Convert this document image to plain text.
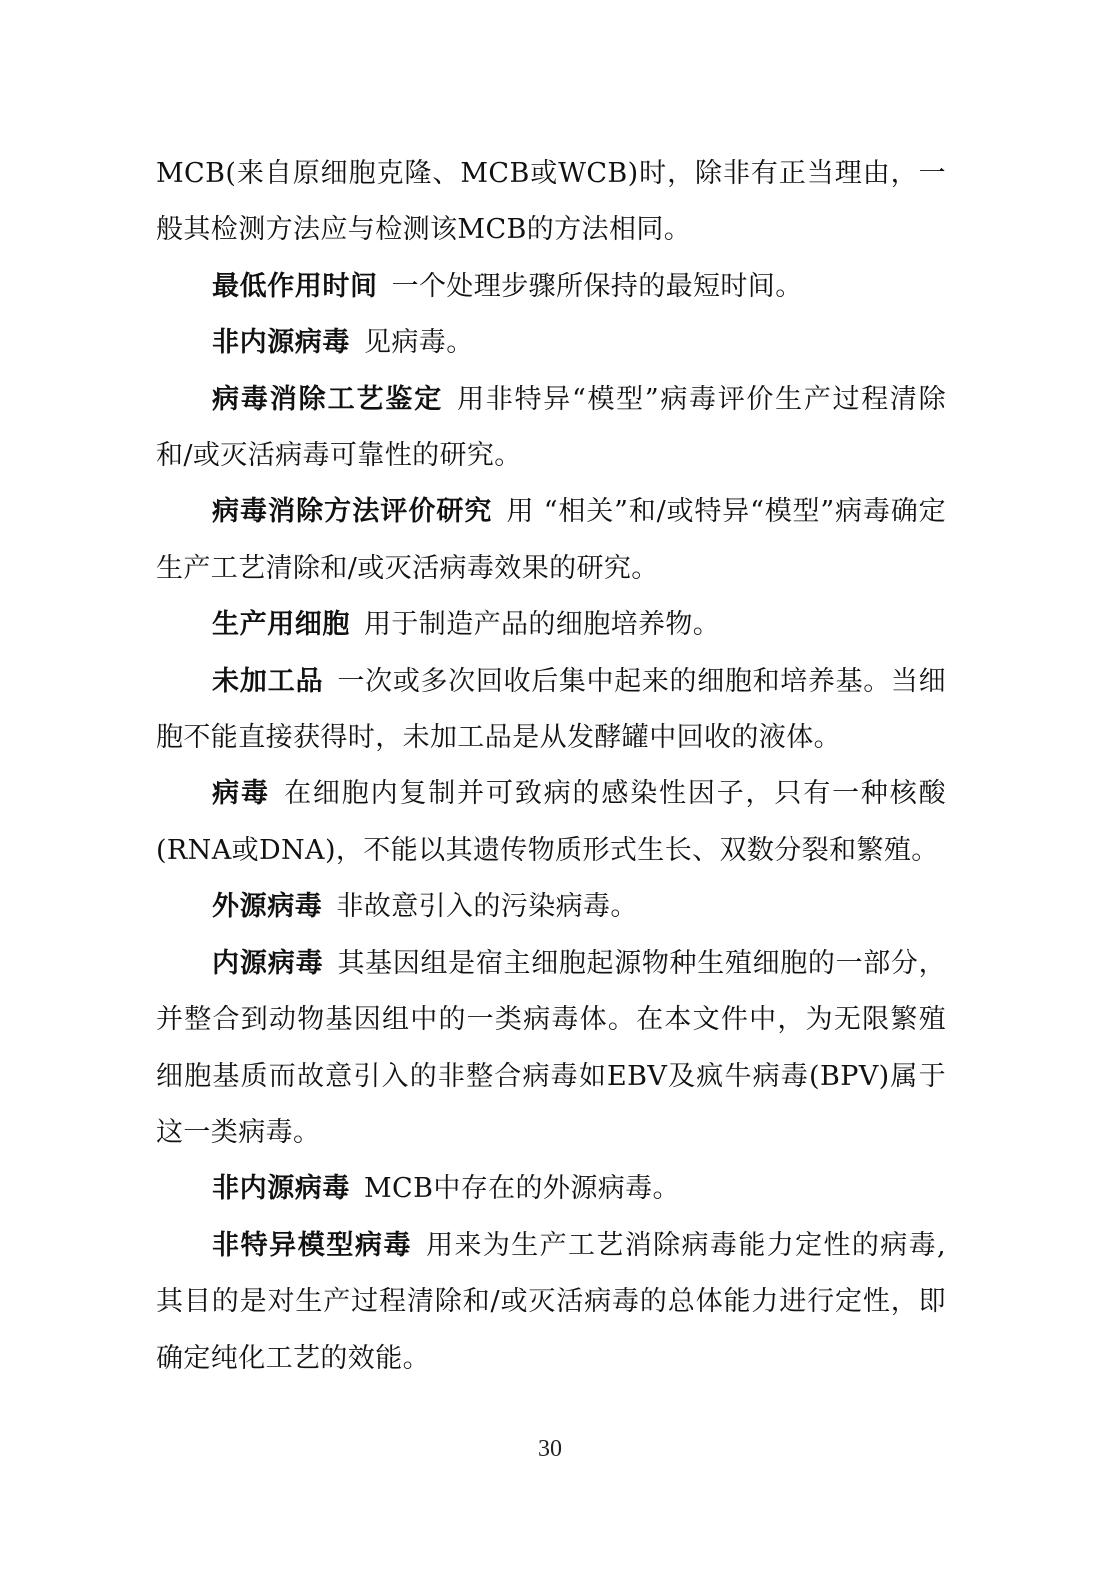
MCB(来自原细胞克隆、MCB或WCB)时，除非有正当理由，一般其检测方法应与检测该MCB的方法相同。

最低作用时间 一个处理步骤所保持的最短时间。

非内源病毒 见病毒。

病毒消除工艺鉴定 用非特异“模型”病毒评价生产过程清除和/或灭活病毒可靠性的研究。

病毒消除方法评价研究 用 “相关”和/或特异“模型”病毒确定生产工艺清除和/或灭活病毒效果的研究。

生产用细胞 用于制造产品的细胞培养物。

未加工品 一次或多次回收后集中起来的细胞和培养基。当细胞不能直接获得时，未加工品是从发酵罐中回收的液体。

病毒 在细胞内复制并可致病的感染性因子，只有一种核酸(RNA或DNA)，不能以其遗传物质形式生长、双数分裂和繁殖。

外源病毒 非故意引入的污染病毒。

内源病毒 其基因组是宿主细胞起源物种生殖细胞的一部分，并整合到动物基因组中的一类病毒体。在本文件中，为无限繁殖细胞基质而故意引入的非整合病毒如EBV及疯牛病毒(BPV)属于这一类病毒。

非内源病毒 MCB中存在的外源病毒。

非特异模型病毒 用来为生产工艺消除病毒能力定性的病毒,其目的是对生产过程清除和/或灭活病毒的总体能力进行定性，即确定纯化工艺的效能。

30
